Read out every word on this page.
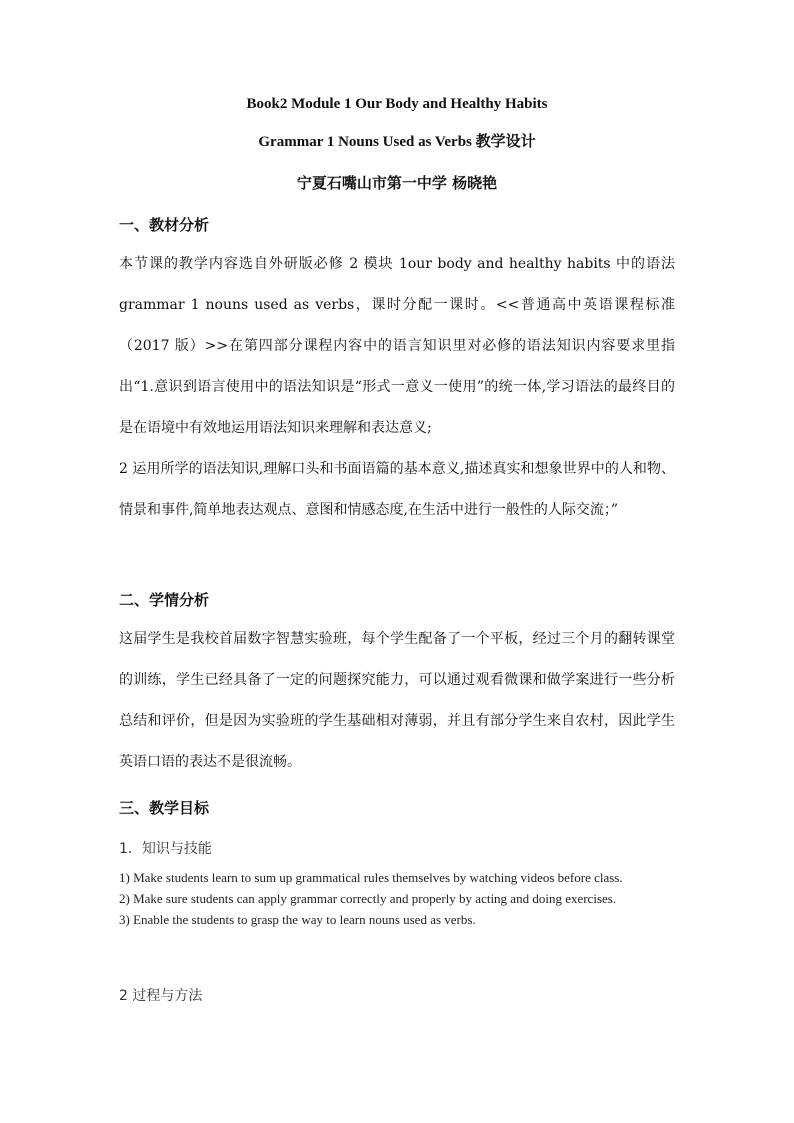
Book2 Module 1 Our Body and Healthy Habits
Grammar 1 Nouns Used as Verbs 教学设计
宁夏石嘴山市第一中学 杨晓艳
一、教材分析

本节课的教学内容选自外研版必修 2 模块 1our body and healthy habits 中的语法 grammar 1 nouns used as verbs，课时分配一课时。<<普通高中英语课程标准（2017 版）>>在第四部分课程内容中的语言知识里对必修的语法知识内容要求里指出“1.意识到语言使用中的语法知识是“形式一意义一使用”的统一体,学习语法的最终目的是在语境中有效地运用语法知识来理解和表达意义;

2 运用所学的语法知识,理解口头和书面语篇的基本意义,描述真实和想象世界中的人和物、情景和事件,简单地表达观点、意图和情感态度,在生活中进行一般性的人际交流；”

二、学情分析

这届学生是我校首届数字智慧实验班，每个学生配备了一个平板，经过三个月的翻转课堂的训练，学生已经具备了一定的问题探究能力，可以通过观看微课和做学案进行一些分析总结和评价，但是因为实验班的学生基础相对薄弱，并且有部分学生来自农村，因此学生英语口语的表达不是很流畅。

三、教学目标
1．知识与技能
1) Make students learn to sum up grammatical rules themselves by watching videos before class.
2) Make sure students can apply grammar correctly and properly by acting and doing exercises.
3) Enable the students to grasp the way to learn nouns used as verbs.
2 过程与方法
